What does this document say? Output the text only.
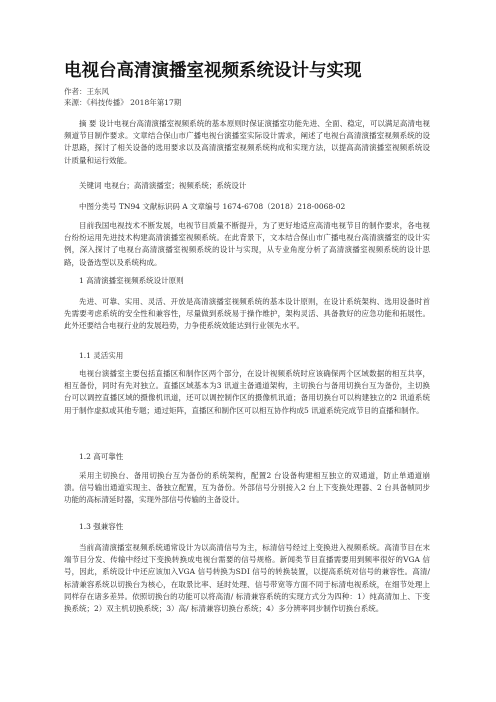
电视台高清演播室视频系统设计与实现
作者：王东风
来源：《科技传播》 2018年第17期
摘 要 设计电视台高清演播室视频系统的基本原则时保证演播室功能先进、全面、稳定，可以满足高清电视频道节目制作要求。文章结合保山市广播电视台演播室实际设计需求，阐述了电视台高清演播室视频系统的设计思路，探讨了相关设备的选用要求以及高清演播室视频系统构成和实现方法，以提高高清演播室视频系统设计质量和运行效能。
关键词 电视台；高清演播室；视频系统；系统设计
中图分类号 TN94 文献标识码 A 文章编号 1674-6708（2018）218-0068-02
目前我国电视技术不断发展，电视节目质量不断提升，为了更好地适应高清电视节目的制作要求，各电视台纷纷运用先进技术构建高清演播室视频系统。在此背景下，文本结合保山市广播电视台高清演播室的设计实例，深入探讨了电视台高清演播室视频系统的设计与实现，从专业角度分析了高清演播室视频系统的设计思路，设备选型以及系统构成。
1 高清演播室视频系统设计原则
先进、可靠、实用、灵活、开放是高清演播室视频系统的基本设计原则，在设计系统架构、选用设备时首先需要考虑系统的安全性和兼容性，尽量做到系统易于操作维护，架构灵活、具备教好的应急功能和拓展性。此外还要结合电视行业的发展趋势，力争使系统效能达到行业领先水平。
1.1 灵活实用
电视台演播室主要包括直播区和制作区两个部分，在设计视频系统时应该确保两个区域数据的相互共享，相互备份，同时有先对独立。直播区域基本为3 讯道主备通道架构，主切换台与备用切换台互为备份，主切换台可以调控直播区域的摄像机讯道，还可以调控制作区的摄像机讯道；备用切换台可以构建独立的2 讯道系统用于制作虚拟或其他专题；通过矩阵，直播区和制作区可以相互协作构成5 讯道系统完成节目的直播和制作。
1.2 高可靠性
采用主切换台、备用切换台互为备份的系统架构，配置2 台设备构建相互独立的双通道，防止单通道崩溃。信号输出通道实现主、备独立配置，互为备份。外部信号分别接入2 台上下变换处理器、2 台具备帧同步功能的高标清延时器，实现外部信号传输的主备设计。
1.3 强兼容性
当前高清演播室视频系统通常设计为以高清信号为主，标清信号经过上变换进入视频系统。高清节目在末端节目分发、传输中经过下变换转换成电视台需要的信号规格。新闻类节目直播需要用到频率很好的VGA 信号，因此，系统设计中还应该加入VGA 信号转换为SDI 信号的转换装置，以提高系统对信号的兼容性。高清/ 标清兼容系统以切换台为核心，在取景比率、延时处理、信号带宽等方面不同于标清电视系统，在细节处理上同样存在诸多差异。依照切换台的功能可以将高清/ 标清兼容系统的实现方式分为四种：1）纯高清加上、下变换系统；2）双主机切换系统；3）高/ 标清兼容切换台系统；4）多分辨率同步制作切换台系统。
